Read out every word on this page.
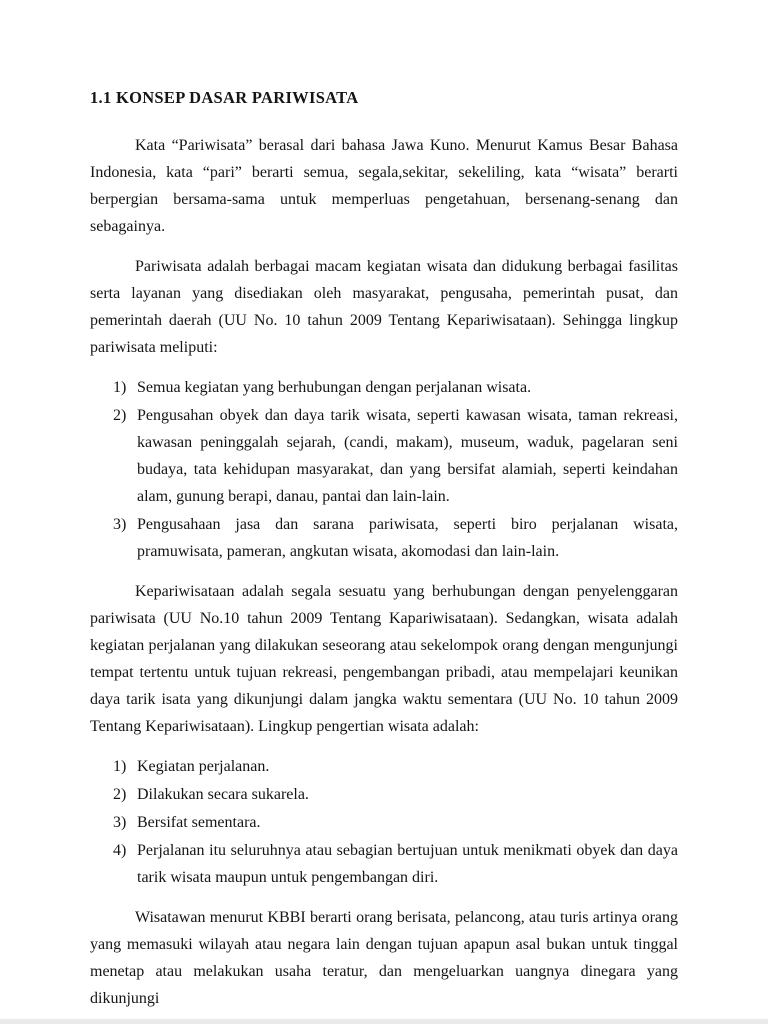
1.1 KONSEP DASAR PARIWISATA

Kata “Pariwisata” berasal dari bahasa Jawa Kuno. Menurut Kamus Besar Bahasa Indonesia, kata “pari” berarti semua, segala,sekitar, sekeliling, kata “wisata” berarti berpergian bersama-sama untuk memperluas pengetahuan, bersenang-senang dan sebagainya.

Pariwisata adalah berbagai macam kegiatan wisata dan didukung berbagai fasilitas serta layanan yang disediakan oleh masyarakat, pengusaha, pemerintah pusat, dan pemerintah daerah (UU No. 10 tahun 2009 Tentang Kepariwisataan). Sehingga lingkup pariwisata meliputi:

1) Semua kegiatan yang berhubungan dengan perjalanan wisata.
2) Pengusahan obyek dan daya tarik wisata, seperti kawasan wisata, taman rekreasi, kawasan peninggalah sejarah, (candi, makam), museum, waduk, pagelaran seni budaya, tata kehidupan masyarakat, dan yang bersifat alamiah, seperti keindahan alam, gunung berapi, danau, pantai dan lain-lain.
3) Pengusahaan jasa dan sarana pariwisata, seperti biro perjalanan wisata, pramuwisata, pameran, angkutan wisata, akomodasi dan lain-lain.

Kepariwisataan adalah segala sesuatu yang berhubungan dengan penyelenggaran pariwisata (UU No.10 tahun 2009 Tentang Kapariwisataan). Sedangkan, wisata adalah kegiatan perjalanan yang dilakukan seseorang atau sekelompok orang dengan mengunjungi tempat tertentu untuk tujuan rekreasi, pengembangan pribadi, atau mempelajari keunikan daya tarik isata yang dikunjungi dalam jangka waktu sementara (UU No. 10 tahun 2009 Tentang Kepariwisataan). Lingkup pengertian wisata adalah:

1) Kegiatan perjalanan.
2) Dilakukan secara sukarela.
3) Bersifat sementara.
4) Perjalanan itu seluruhnya atau sebagian bertujuan untuk menikmati obyek dan daya tarik wisata maupun untuk pengembangan diri.

Wisatawan menurut KBBI berarti orang berisata, pelancong, atau turis artinya orang yang memasuki wilayah atau negara lain dengan tujuan apapun asal bukan untuk tinggal menetap atau melakukan usaha teratur, dan mengeluarkan uangnya dinegara yang dikunjungi
